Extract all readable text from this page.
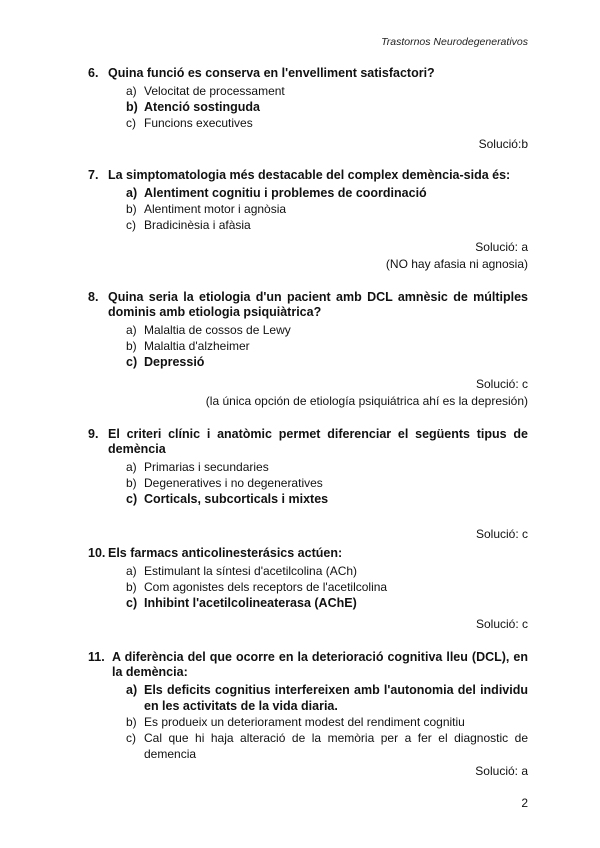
Trastornos Neurodegenerativos
6. Quina funció es conserva en l'envelliment satisfactori?
a) Velocitat de processament
b) Atenció sostinguda
c) Funcions executives
Solució:b
7. La simptomatologia més destacable del complex demència-sida és:
a) Alentiment cognitiu i problemes de coordinació
b) Alentiment motor i agnòsia
c) Bradicinèsia i afàsia
Solució: a
(NO hay afasia ni agnosia)
8. Quina seria la etiologia d'un pacient amb DCL amnèsic de múltiples dominis amb etiologia psiquiàtrica?
a) Malaltia de cossos de Lewy
b) Malaltia d'alzheimer
c) Depressió
Solució: c
(la única opción de etiología psiquiátrica ahí es la depresión)
9. El criteri clínic i anatòmic permet diferenciar el següents tipus de demència
a) Primarias i secundaries
b) Degeneratives i no degeneratives
c) Corticals, subcorticals i mixtes
Solució: c
10. Els farmacs anticolinesterásics actúen:
a) Estimulant la síntesi d'acetilcolina (ACh)
b) Com agonistes dels receptors de l'acetilcolina
c) Inhibint l'acetilcolineaterasa (AChE)
Solució: c
11. A diferència del que ocorre en la deterioració cognitiva lleu (DCL), en la demència:
a) Els deficits cognitius interfereixen amb l'autonomia del individu en les activitats de la vida diaria.
b) Es produeix un deteriorament modest del rendiment cognitiu
c) Cal que hi haja alteració de la memòria per a fer el diagnostic de demencia
Solució: a
2
